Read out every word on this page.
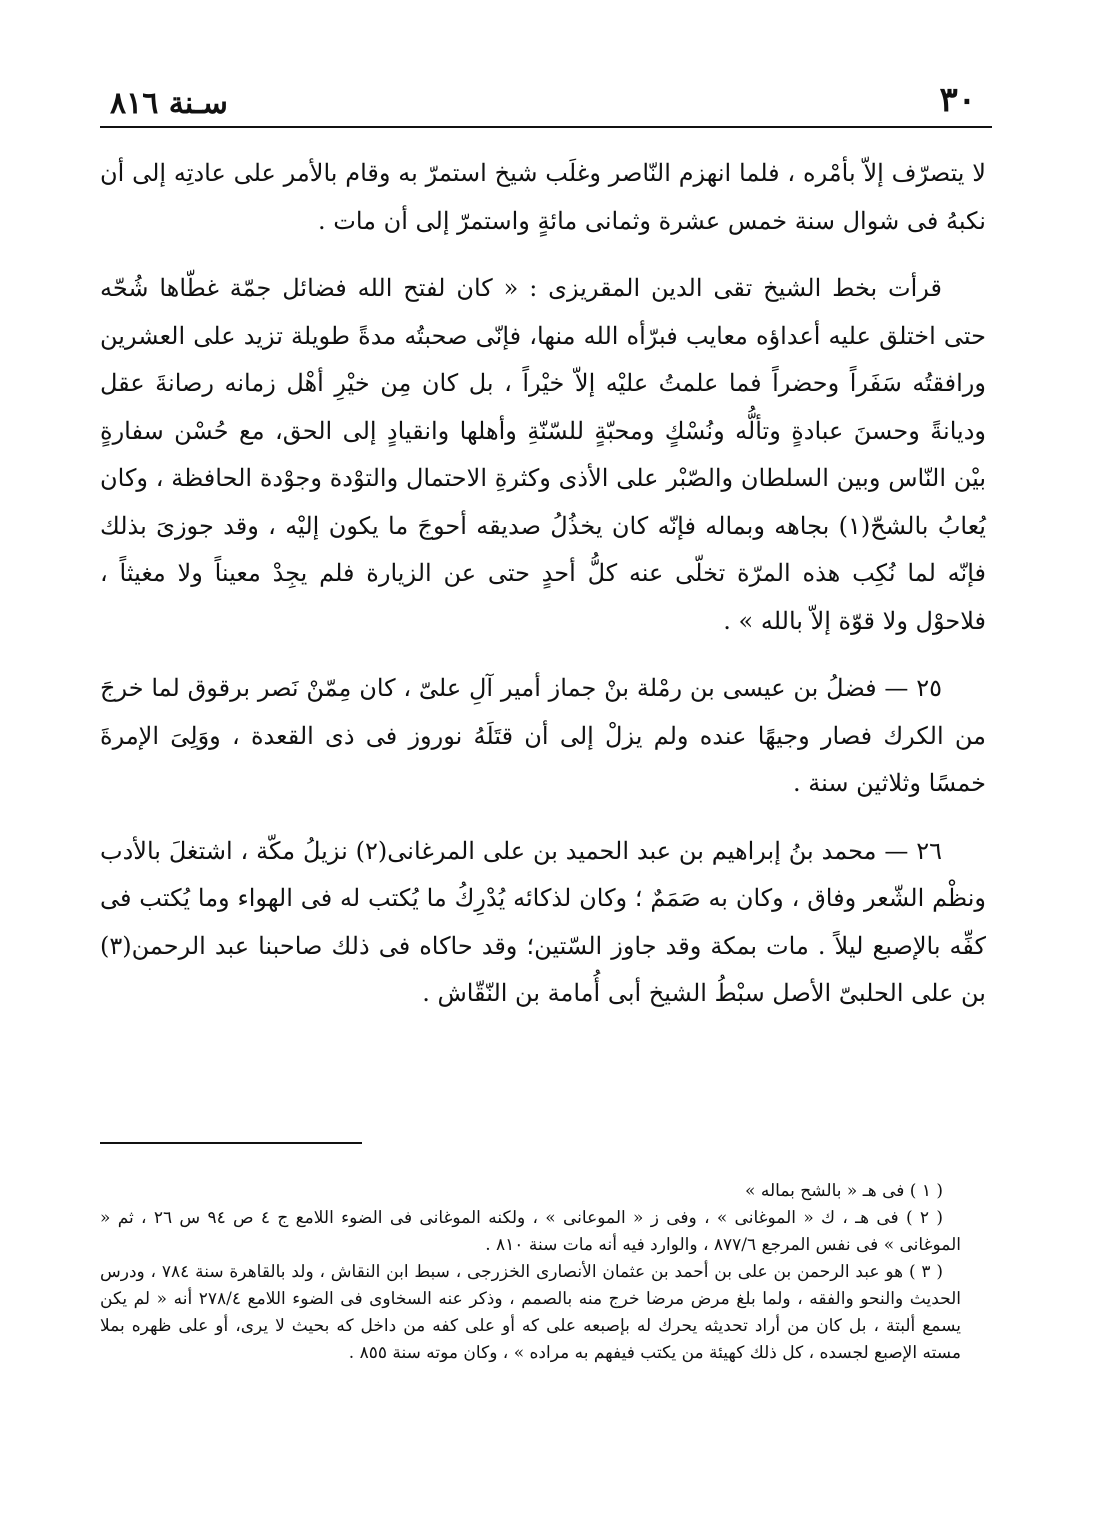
٣٠
سـنة ٨١٦

لا يتصرّف إلاّ بأمْره ، فلما انهزم النّاصر وغلَب شيخ استمرّ به وقام بالأمر على عادتِه إلى أن نكبهُ فى شوال سنة خمس عشرة وثمانى مائةٍ واستمرّ إلى أن مات .

قرأت بخط الشيخ تقى الدين المقريزى : « كان لفتح الله فضائل جمّة غطّاها شُحّه حتى اختلق عليه أعداؤه معايب فبرّأه الله منها، فإنّى صحبتُه مدةً طويلة تزيد على العشرين ورافقتُه سَفَراً وحضراً فما علمتُ عليْه إلاّ خيْراً ، بل كان مِن خيْرِ أهْل زمانه رصانةَ عقل وديانةً وحسنَ عبادةٍ وتألُّه ونُسْكٍ ومحبّةٍ للسّنّةِ وأهلها وانقيادٍ إلى الحق، مع حُسْن سفارةٍ بيْن النّاس وبين السلطان والصّبْر على الأذى وكثرةِ الاحتمال والتوْدة وجوْدة الحافظة ، وكان يُعابُ بالشحّ(١) بجاهه وبماله فإنّه كان يخذُلُ صديقه أحوجَ ما يكون إليْه ، وقد جوزىَ بذلك فإنّه لما نُكِب هذه المرّة تخلّى عنه كلُّ أحدٍ حتى عن الزيارة فلم يجِدْ معيناً ولا مغيثاً ، فلاحوْل ولا قوّة إلاّ بالله » .

٢٥ — فضلُ بن عيسى بن رمْلة بنْ جماز أمير آلِ علىّ ، كان مِمّنْ نَصر برقوق لما خرجَ من الكرك فصار وجيهًا عنده ولم يزلْ إلى أن قتَلَهُ نوروز فى ذى القعدة ، ووَلِىَ الإمرةَ خمسًا وثلاثين سنة .

٢٦ — محمد بنُ إبراهيم بن عبد الحميد بن على المرغانى(٢) نزيلُ مكّة ، اشتغلَ بالأدب ونظْم الشّعر وفاق ، وكان به صَمَمٌ ؛ وكان لذكائه يُدْرِكُ ما يُكتب له فى الهواء وما يُكتب فى كفِّه بالإصبع ليلاً . مات بمكة وقد جاوز السّتين؛ وقد حاكاه فى ذلك صاحبنا عبد الرحمن(٣) بن على الحلبىّ الأصل سبْطُ الشيخ أبى أُمامة بن النّقّاش .

( ١ ) فى هـ « بالشح بماله »

( ٢ ) فى هـ ، ك « الموغانى » ، وفى ز « الموعانى » ، ولكنه الموغانى فى الضوء اللامع ج ٤ ص ٩٤ س ٢٦ ، ثم « الموغانى » فى نفس المرجع ٨٧٧/٦ ، والوارد فيه أنه مات سنة ٨١٠ .

( ٣ ) هو عبد الرحمن بن على بن أحمد بن عثمان الأنصارى الخزرجى ، سبط ابن النقاش ، ولد بالقاهرة سنة ٧٨٤ ، ودرس الحديث والنحو والفقه ، ولما بلغ مرض مرضا خرج منه بالصمم ، وذكر عنه السخاوى فى الضوء اللامع ٢٧٨/٤ أنه « لم يكن يسمع ألبتة ، بل كان من أراد تحديثه يحرك له بإصبعه على كه أو على كفه من داخل كه بحيث لا يرى، أو على ظهره بملا مسته الإصبع لجسده ، كل ذلك كهيئة من يكتب فيفهم به مراده » ، وكان موته سنة ٨٥٥ .
